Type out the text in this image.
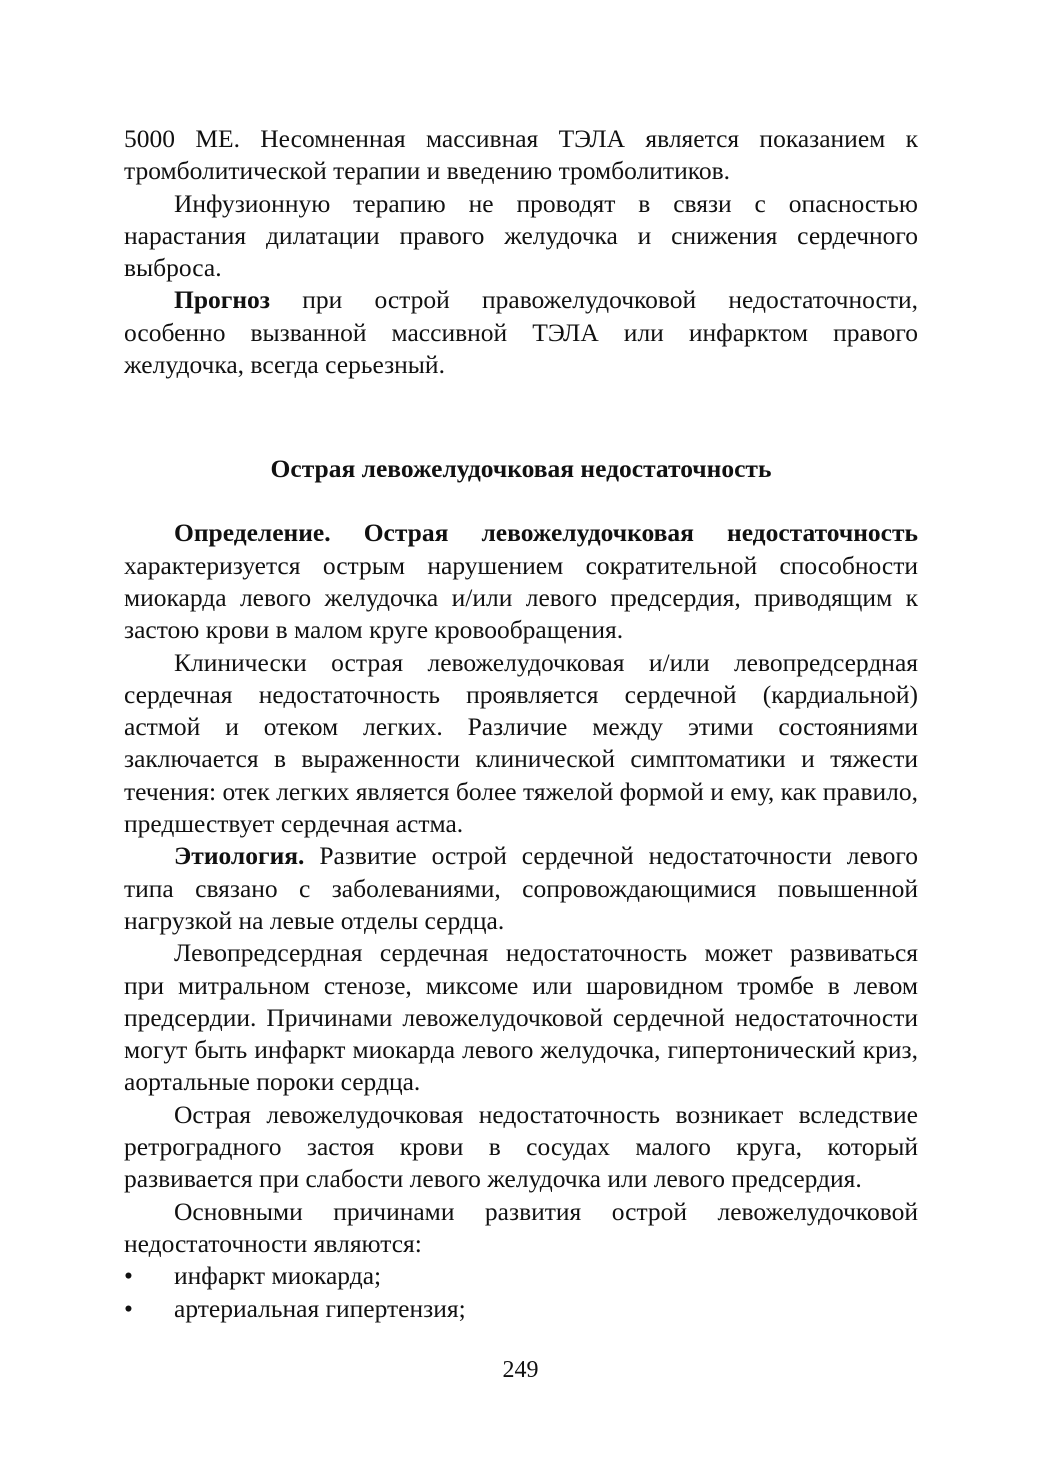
5000 МЕ. Несомненная массивная ТЭЛА является показанием к тромболитической терапии и введению тромболитиков.

Инфузионную терапию не проводят в связи с опасностью нарастания дилатации правого желудочка и снижения сердечного выброса.

Прогноз при острой правожелудочковой недостаточности, особенно вызванной массивной ТЭЛА или инфарктом правого желудочка, всегда серьезный.

Острая левожелудочковая недостаточность

Определение. Острая левожелудочковая недостаточность характеризуется острым нарушением сократительной способности миокарда левого желудочка и/или левого предсердия, приводящим к застою крови в малом круге кровообращения.

Клинически острая левожелудочковая и/или левопредсердная сердечная недостаточность проявляется сердечной (кардиальной) астмой и отеком легких. Различие между этими состояниями заключается в выраженности клинической симптоматики и тяжести течения: отек легких является более тяжелой формой и ему, как правило, предшествует сердечная астма.

Этиология. Развитие острой сердечной недостаточности левого типа связано с заболеваниями, сопровождающимися повышенной нагрузкой на левые отделы сердца.

Левопредсердная сердечная недостаточность может развиваться при митральном стенозе, миксоме или шаровидном тромбе в левом предсердии. Причинами левожелудочковой сердечной недостаточности могут быть инфаркт миокарда левого желудочка, гипертонический криз, аортальные пороки сердца.

Острая левожелудочковая недостаточность возникает вследствие ретроградного застоя крови в сосудах малого круга, который развивается при слабости левого желудочка или левого предсердия.

Основными причинами развития острой левожелудочковой недостаточности являются:

• инфаркт миокарда;
• артериальная гипертензия;
249
